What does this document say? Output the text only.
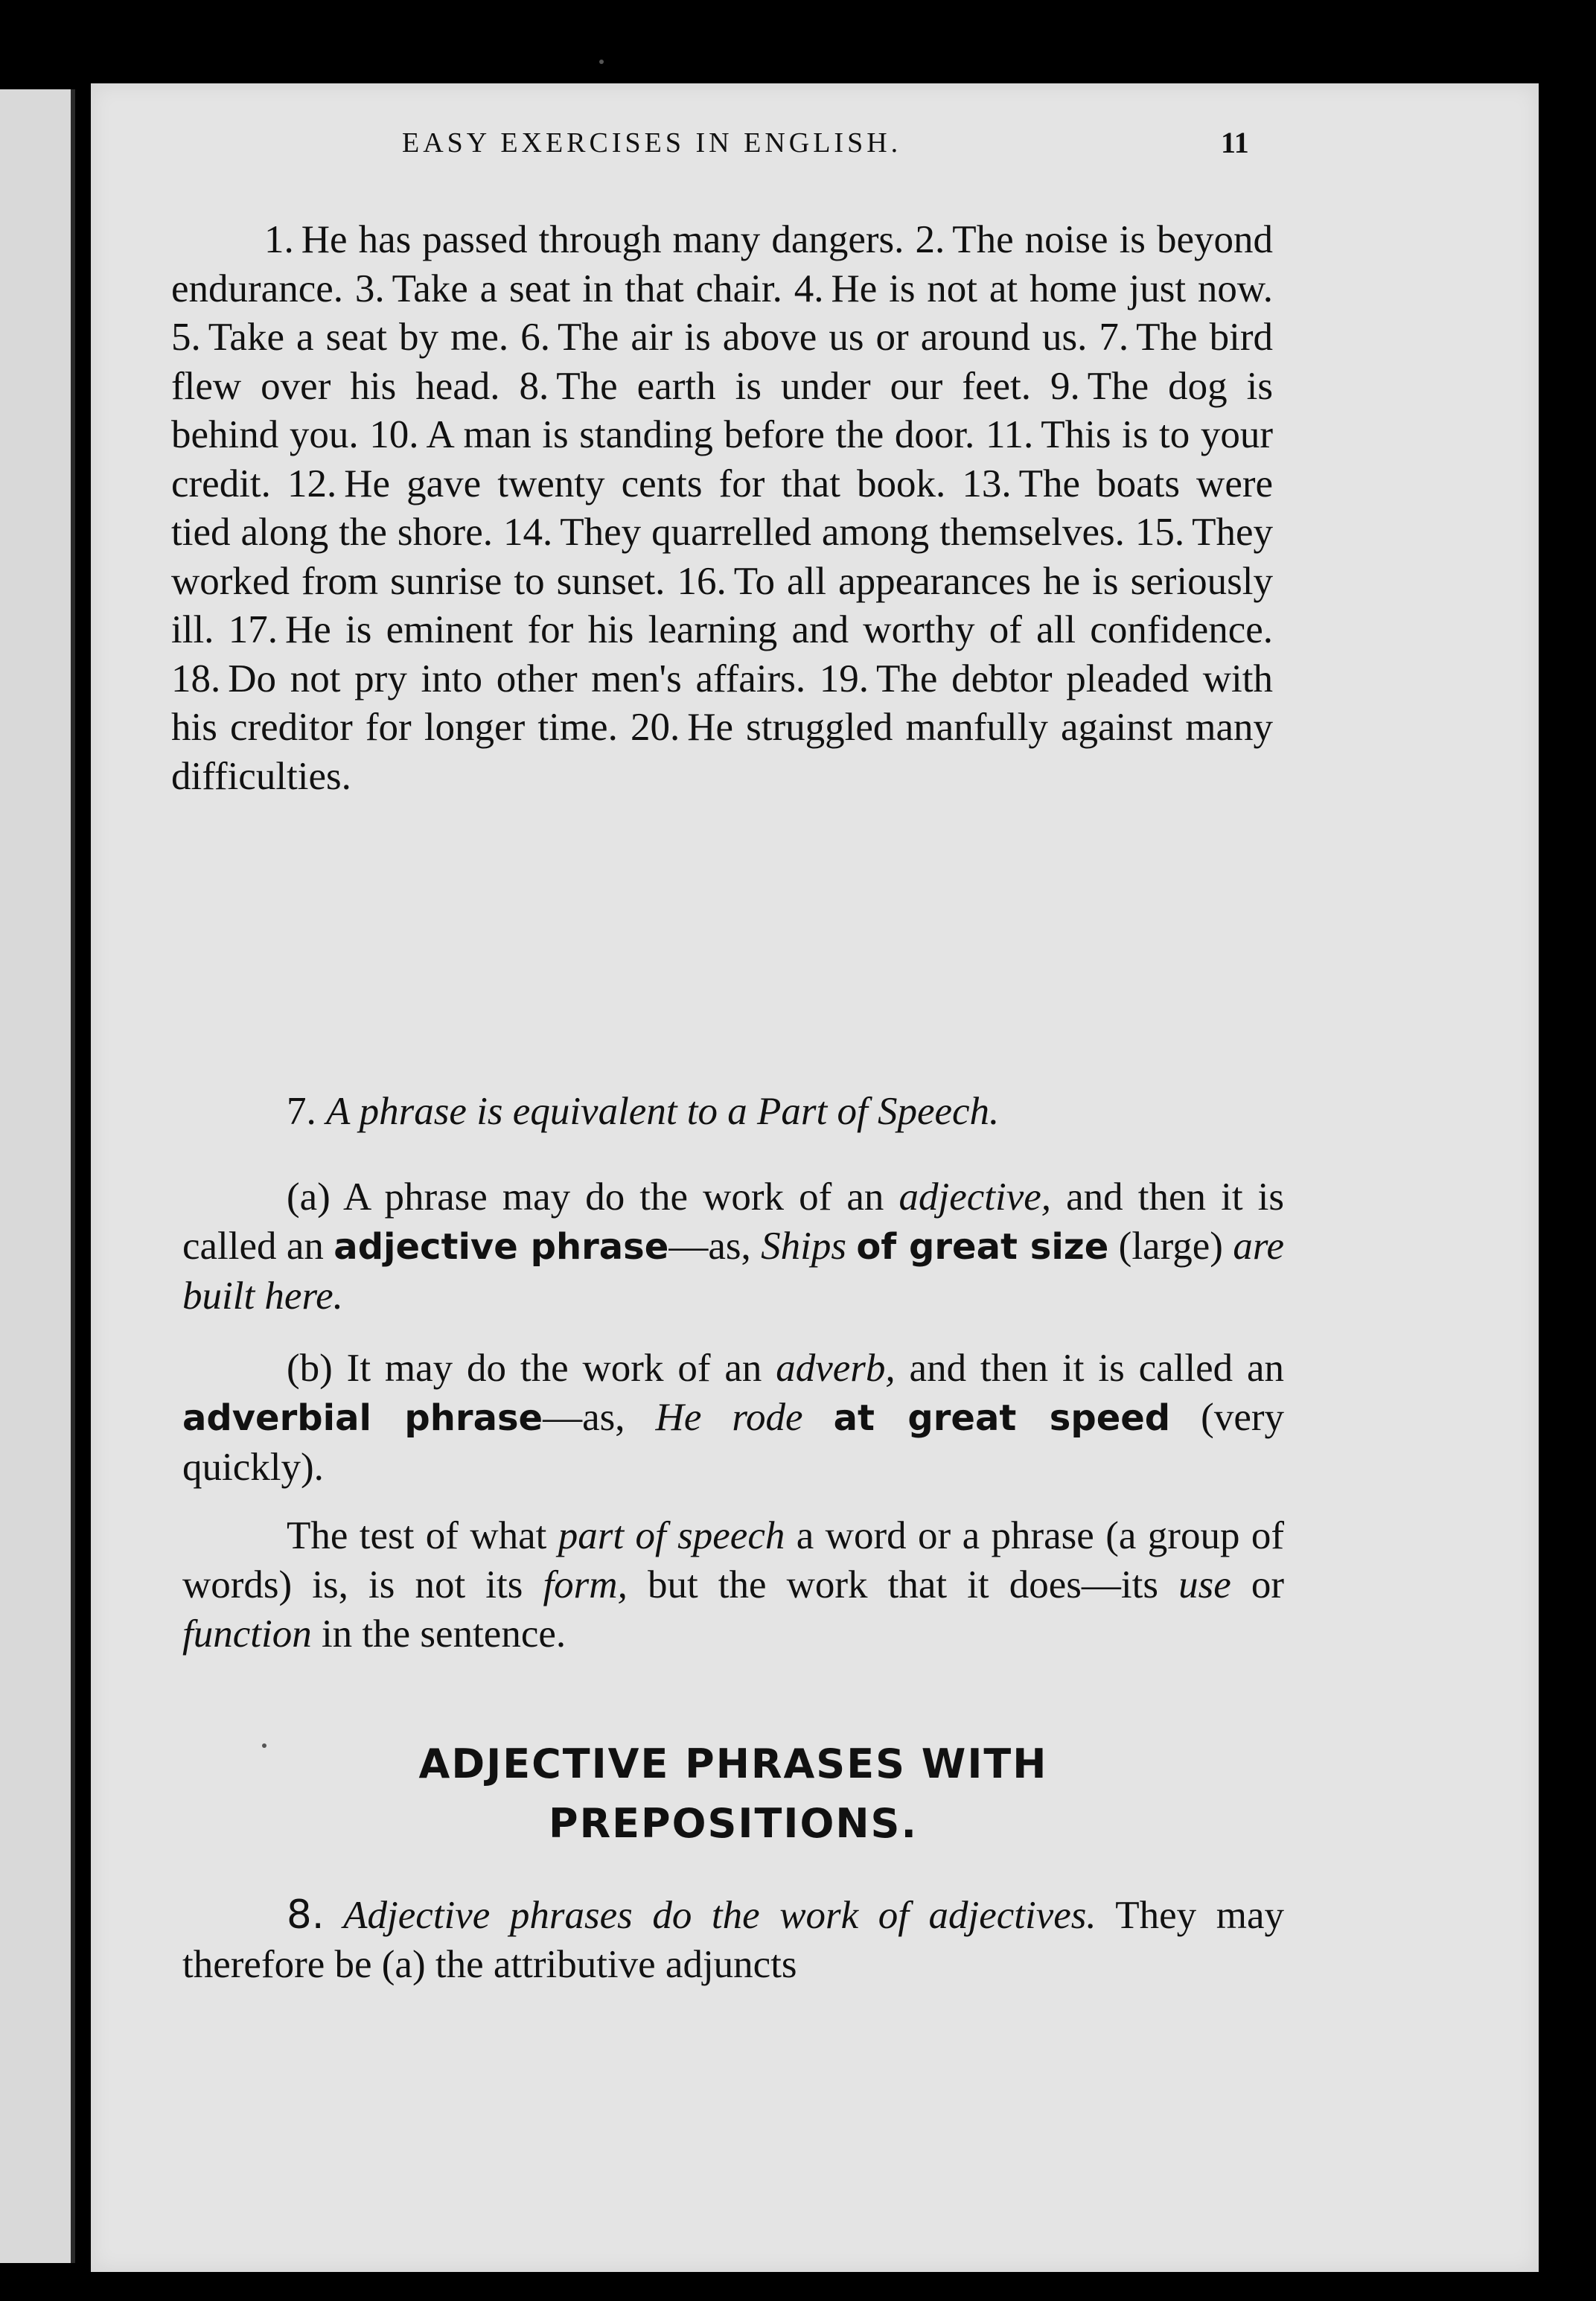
EASY EXERCISES IN ENGLISH.	11

1. He has passed through many dangers. 2. The noise is beyond endurance. 3. Take a seat in that chair. 4. He is not at home just now. 5. Take a seat by me. 6. The air is above us or around us. 7. The bird flew over his head. 8. The earth is under our feet. 9. The dog is behind you. 10. A man is standing before the door. 11. This is to your credit. 12. He gave twenty cents for that book. 13. The boats were tied along the shore. 14. They quarrelled among themselves. 15. They worked from sunrise to sunset. 16. To all appearances he is seriously ill. 17. He is eminent for his learning and worthy of all confidence. 18. Do not pry into other men's affairs. 19. The debtor pleaded with his creditor for longer time. 20. He struggled manfully against many difficulties.

7. A phrase is equivalent to a Part of Speech.

(a) A phrase may do the work of an adjective, and then it is called an adjective phrase—as, Ships of great size (large) are built here.

(b) It may do the work of an adverb, and then it is called an adverbial phrase—as, He rode at great speed (very quickly).

The test of what part of speech a word or a phrase (a group of words) is, is not its form, but the work that it does—its use or function in the sentence.

ADJECTIVE PHRASES WITH
PREPOSITIONS.

8. Adjective phrases do the work of adjectives. They may therefore be (a) the attributive adjuncts
